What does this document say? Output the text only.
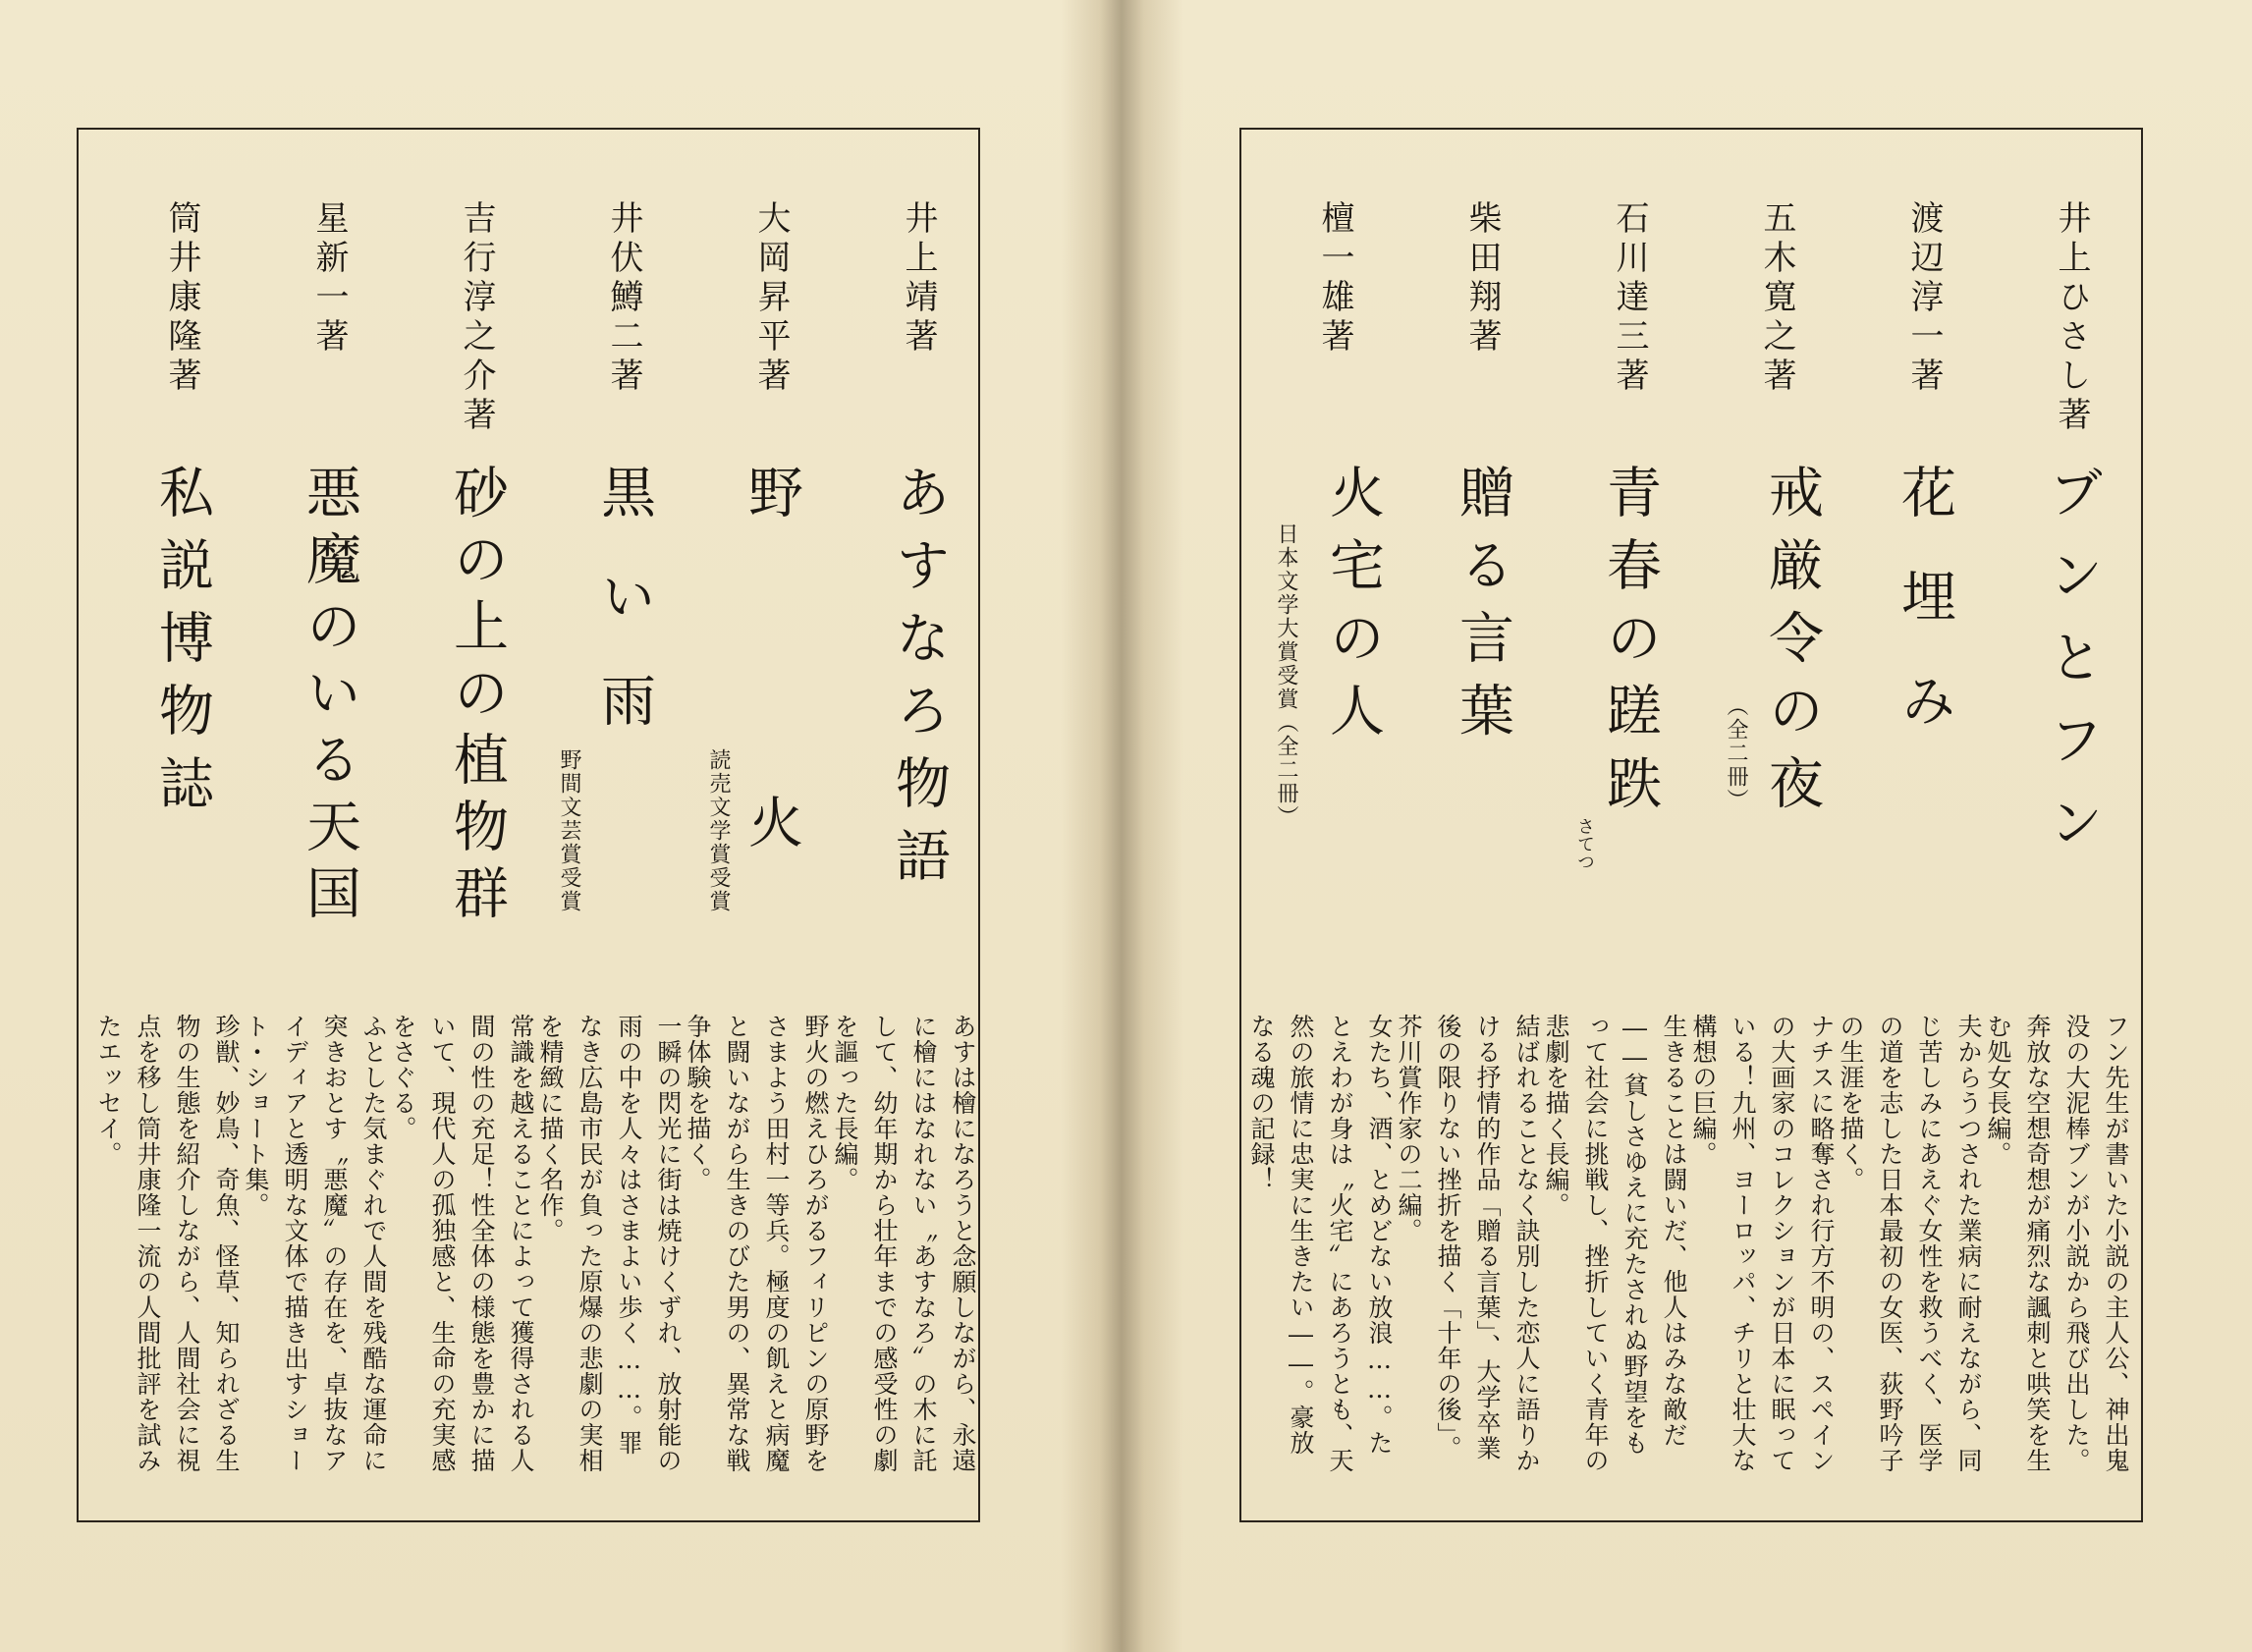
井上靖著
あすなろ物語
あすは檜になろうと念願しながら、永遠に檜にはなれない〝あすなろ〟の木に託して、幼年期から壮年までの感受性の劇を謳った長編。
大岡昇平著
野火
読売文学賞受賞
野火の燃えひろがるフィリピンの原野をさまよう田村一等兵。極度の飢えと病魔と闘いながら生きのびた男の、異常な戦争体験を描く。
井伏鱒二著
黒い雨
野間文芸賞受賞
一瞬の閃光に街は焼けくずれ、放射能の雨の中を人々はさまよい歩く……。罪なき広島市民が負った原爆の悲劇の実相を精緻に描く名作。
吉行淳之介著
砂の上の植物群
常識を越えることによって獲得される人間の性の充足！性全体の様態を豊かに描いて、現代人の孤独感と、生命の充実感をさぐる。
星新一著
悪魔のいる天国
ふとした気まぐれで人間を残酷な運命に突きおとす〝悪魔〟の存在を、卓抜なアイディアと透明な文体で描き出すショート・ショート集。
筒井康隆著
私説博物誌
珍獣、妙鳥、奇魚、怪草、知られざる生物の生態を紹介しながら、人間社会に視点を移し筒井康隆一流の人間批評を試みたエッセイ。
井上ひさし著
ブンとフン
フン先生が書いた小説の主人公、神出鬼没の大泥棒ブンが小説から飛び出した。奔放な空想奇想が痛烈な諷刺と哄笑を生む処女長編。
渡辺淳一著
花埋み
夫からうつされた業病に耐えながら、同じ苦しみにあえぐ女性を救うべく、医学の道を志した日本最初の女医、荻野吟子の生涯を描く。
五木寛之著
戒厳令の夜
（全二冊）
ナチスに略奪され行方不明の、スペインの大画家のコレクションが日本に眠っている！九州、ヨーロッパ、チリと壮大な構想の巨編。
石川達三著
青春の蹉跌
さてつ
生きることは闘いだ、他人はみな敵だ――貧しさゆえに充たされぬ野望をもって社会に挑戦し、挫折していく青年の悲劇を描く長編。
柴田翔著
贈る言葉
結ばれることなく訣別した恋人に語りかける抒情的作品「贈る言葉」、大学卒業後の限りない挫折を描く「十年の後」。芥川賞作家の二編。
檀一雄著
火宅の人
日本文学大賞受賞（全二冊）
女たち、酒、とめどない放浪……。たとえわが身は〝火宅〟にあろうとも、天然の旅情に忠実に生きたい――。豪放なる魂の記録！
